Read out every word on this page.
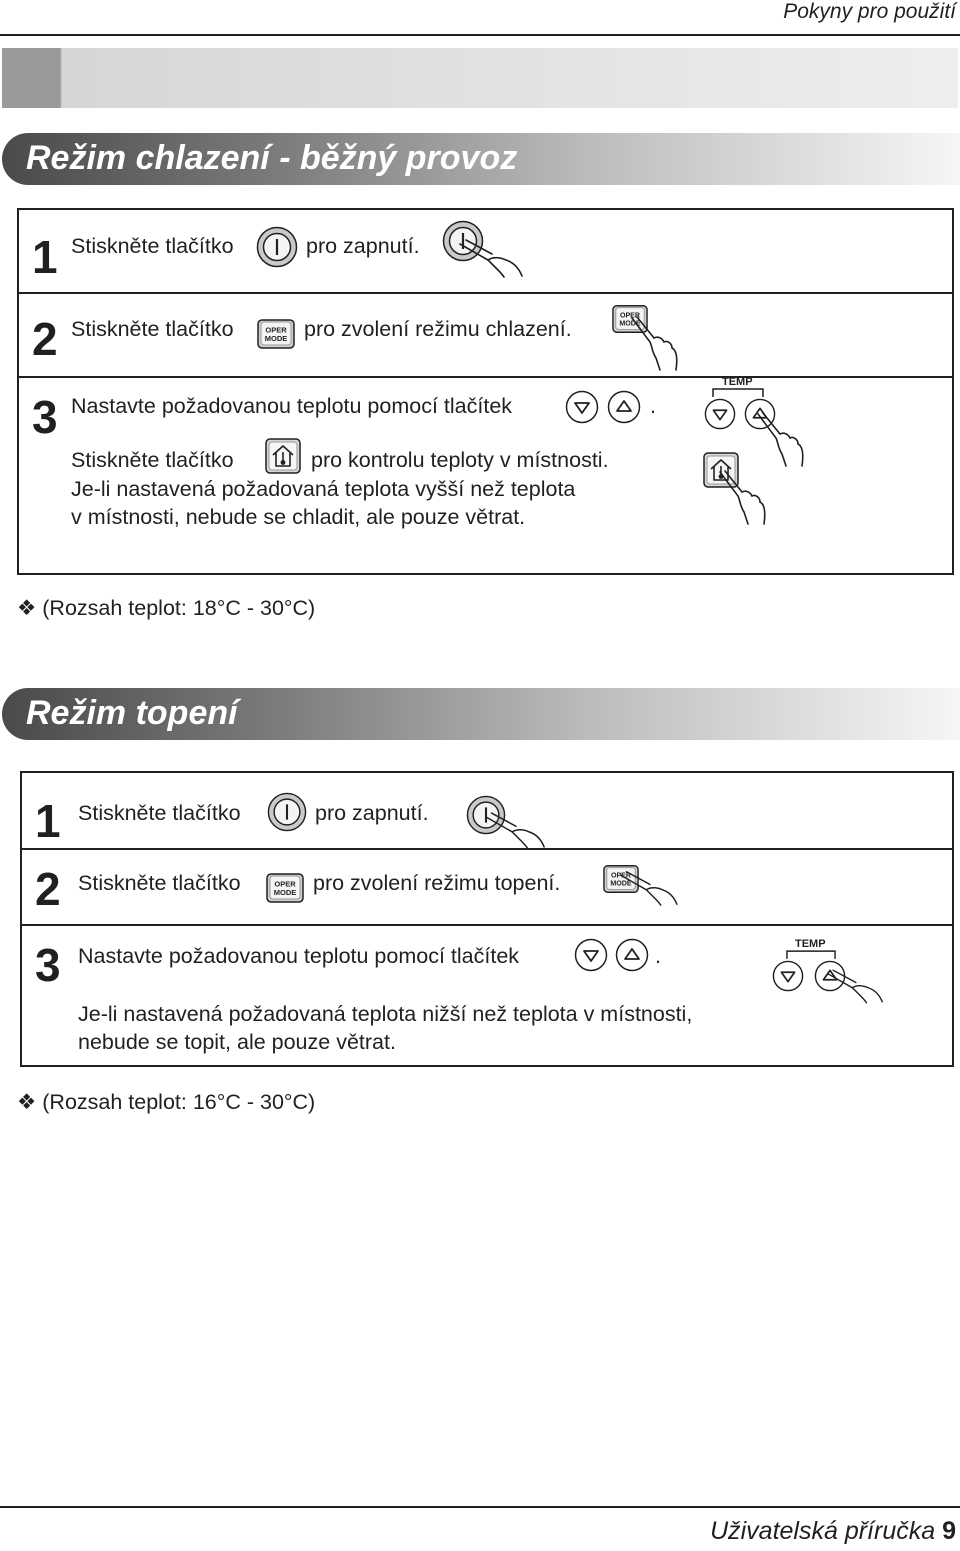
Pokyny pro použití
Režim chlazení - běžný provoz
1 Stiskněte tlačítko	pro zapnutí.
2 Stiskněte tlačítko	OPER
MODE pro zvolení režimu chlazení.
OPER
MODE
3 Nastavte požadovanou teplotu pomocí tlačítek	.
Stiskněte tlačítko	pro kontrolu teploty v místnosti.
Je-li nastavená požadovaná teplota vyšší než teplota
v místnosti, nebude se chladit, ale pouze větrat.
TEMP
❖ (Rozsah teplot: 18°C - 30°C)
Režim topení
1 Stiskněte tlačítko	pro zapnutí.
2 Stiskněte tlačítko	OPER
MODE pro zvolení režimu topení.	OPER
MODE
3 Nastavte požadovanou teplotu pomocí tlačítek	.
Je-li nastavená požadovaná teplota nižší než teplota v místnosti,
nebude se topit, ale pouze větrat.
TEMP
❖ (Rozsah teplot: 16°C - 30°C)
Uživatelská příručka 9
